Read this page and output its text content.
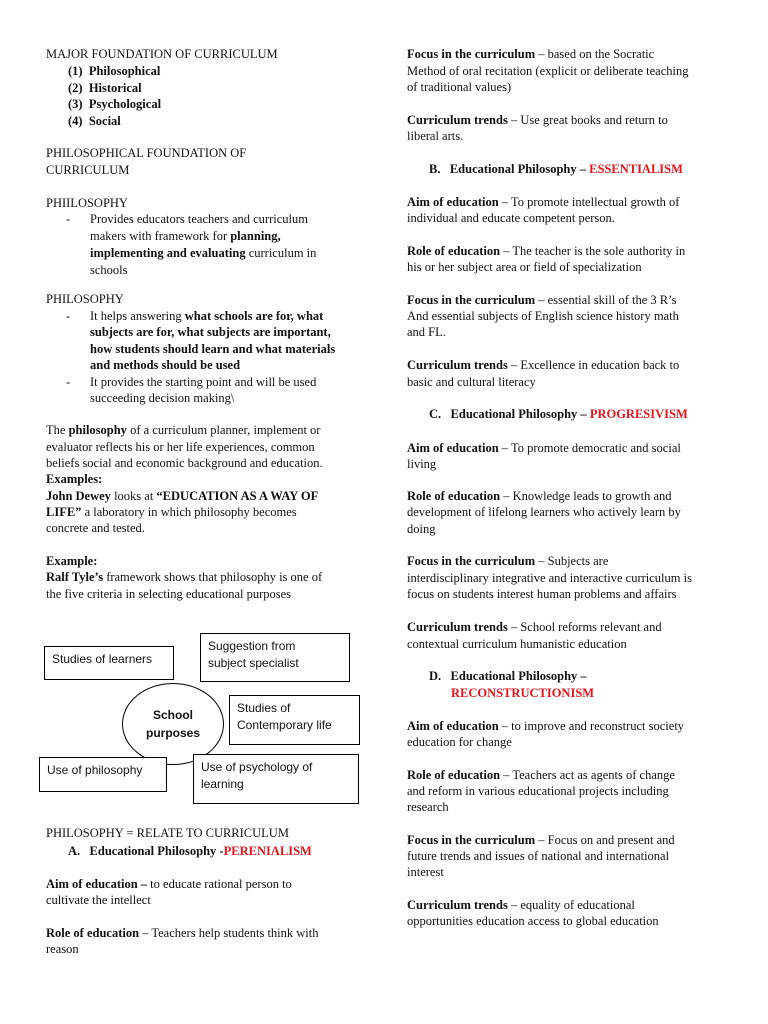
MAJOR FOUNDATION OF CURRICULUM
(1) Philosophical
(2) Historical
(3) Psychological
(4) Social
PHILOSOPHICAL FOUNDATION OF
CURRICULUM
PHIILOSOPHY
- Provides educators teachers and curriculum
makers with framework for planning,
implementing and evaluating curriculum in
schools
PHILOSOPHY
- It helps answering what schools are for, what
subjects are for, what subjects are important,
how students should learn and what materials
and methods should be used
- It provides the starting point and will be used
succeeding decision making\
The philosophy of a curriculum planner, implement or
evaluator reflects his or her life experiences, common
beliefs social and economic background and education.
Examples:
John Dewey looks at “EDUCATION AS A WAY OF
LIFE” a laboratory in which philosophy becomes
concrete and tested.
Example:
Ralf Tyle’s framework shows that philosophy is one of
the five criteria in selecting educational purposes
PHILOSOPHY = RELATE TO CURRICULUM
A. Educational Philosophy -PERENIALISM
Aim of education – to educate rational person to
cultivate the intellect
Role of education – Teachers help students think with
reason
Studies of learners
Suggestion from
subject specialist
School
purposes
Studies of
Contemporary life
Use of philosophy	Use of psychology of
learning
Focus in the curriculum – based on the Socratic
Method of oral recitation (explicit or deliberate teaching
of traditional values)
Curriculum trends – Use great books and return to
liberal arts.
B. Educational Philosophy – ESSENTIALISM
Aim of education – To promote intellectual growth of
individual and educate competent person.
Role of education – The teacher is the sole authority in
his or her subject area or field of specialization
Focus in the curriculum – essential skill of the 3 R’s
And essential subjects of English science history math
and FL.
Curriculum trends – Excellence in education back to
basic and cultural literacy
C. Educational Philosophy – PROGRESIVISM
Aim of education – To promote democratic and social
living
Role of education – Knowledge leads to growth and
development of lifelong learners who actively learn by
doing
Focus in the curriculum – Subjects are
interdisciplinary integrative and interactive curriculum is
focus on students interest human problems and affairs
Curriculum trends – School reforms relevant and
contextual curriculum humanistic education
D. Educational Philosophy –
RECONSTRUCTIONISM
Aim of education – to improve and reconstruct society
education for change
Role of education – Teachers act as agents of change
and reform in various educational projects including
research
Focus in the curriculum – Focus on and present and
future trends and issues of national and international
interest
Curriculum trends – equality of educational
opportunities education access to global education
